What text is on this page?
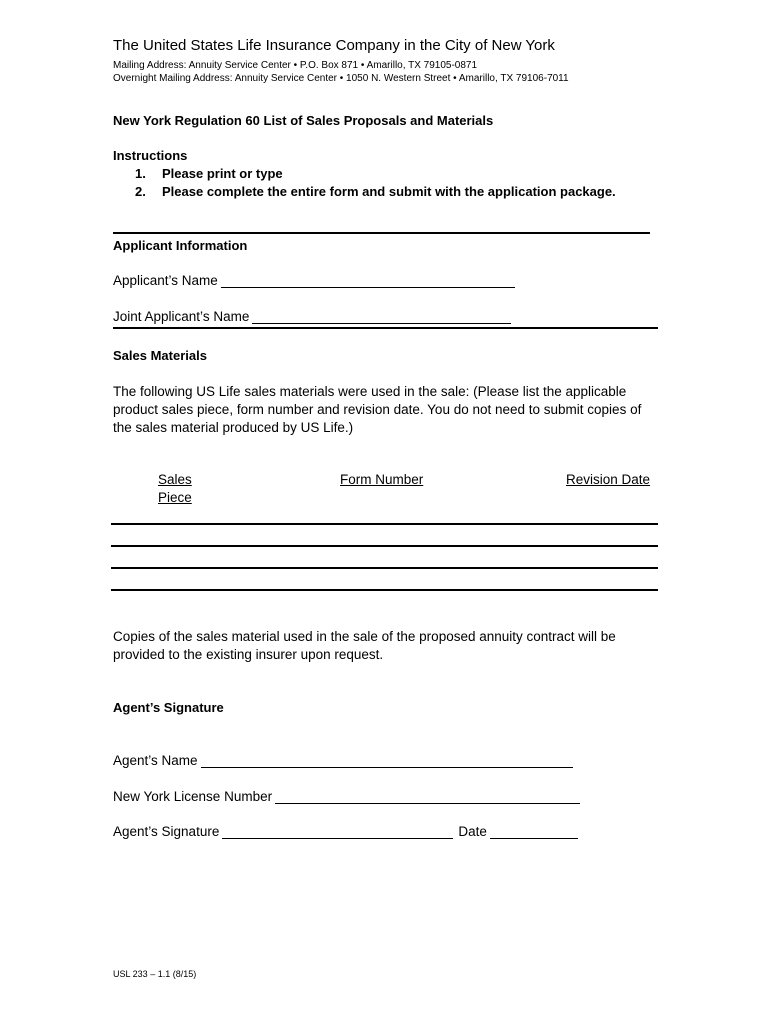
The United States Life Insurance Company in the City of New York
Mailing Address: Annuity Service Center • P.O. Box 871 • Amarillo, TX 79105-0871
Overnight Mailing Address: Annuity Service Center • 1050 N. Western Street • Amarillo, TX 79106-7011
New York Regulation 60 List of Sales Proposals and Materials
Instructions
1. Please print or type
2. Please complete the entire form and submit with the application package.
Applicant Information
Applicant’s Name
Joint Applicant’s Name
Sales Materials
The following US Life sales materials were used in the sale: (Please list the applicable product sales piece, form number and revision date. You do not need to submit copies of the sales material produced by US Life.)
Sales
Piece
Form Number	Revision Date
Copies of the sales material used in the sale of the proposed annuity contract will be provided to the existing insurer upon request.
Agent’s Signature
Agent’s Name
New York License Number
Agent’s Signature	Date
USL 233 – 1.1 (8/15)
